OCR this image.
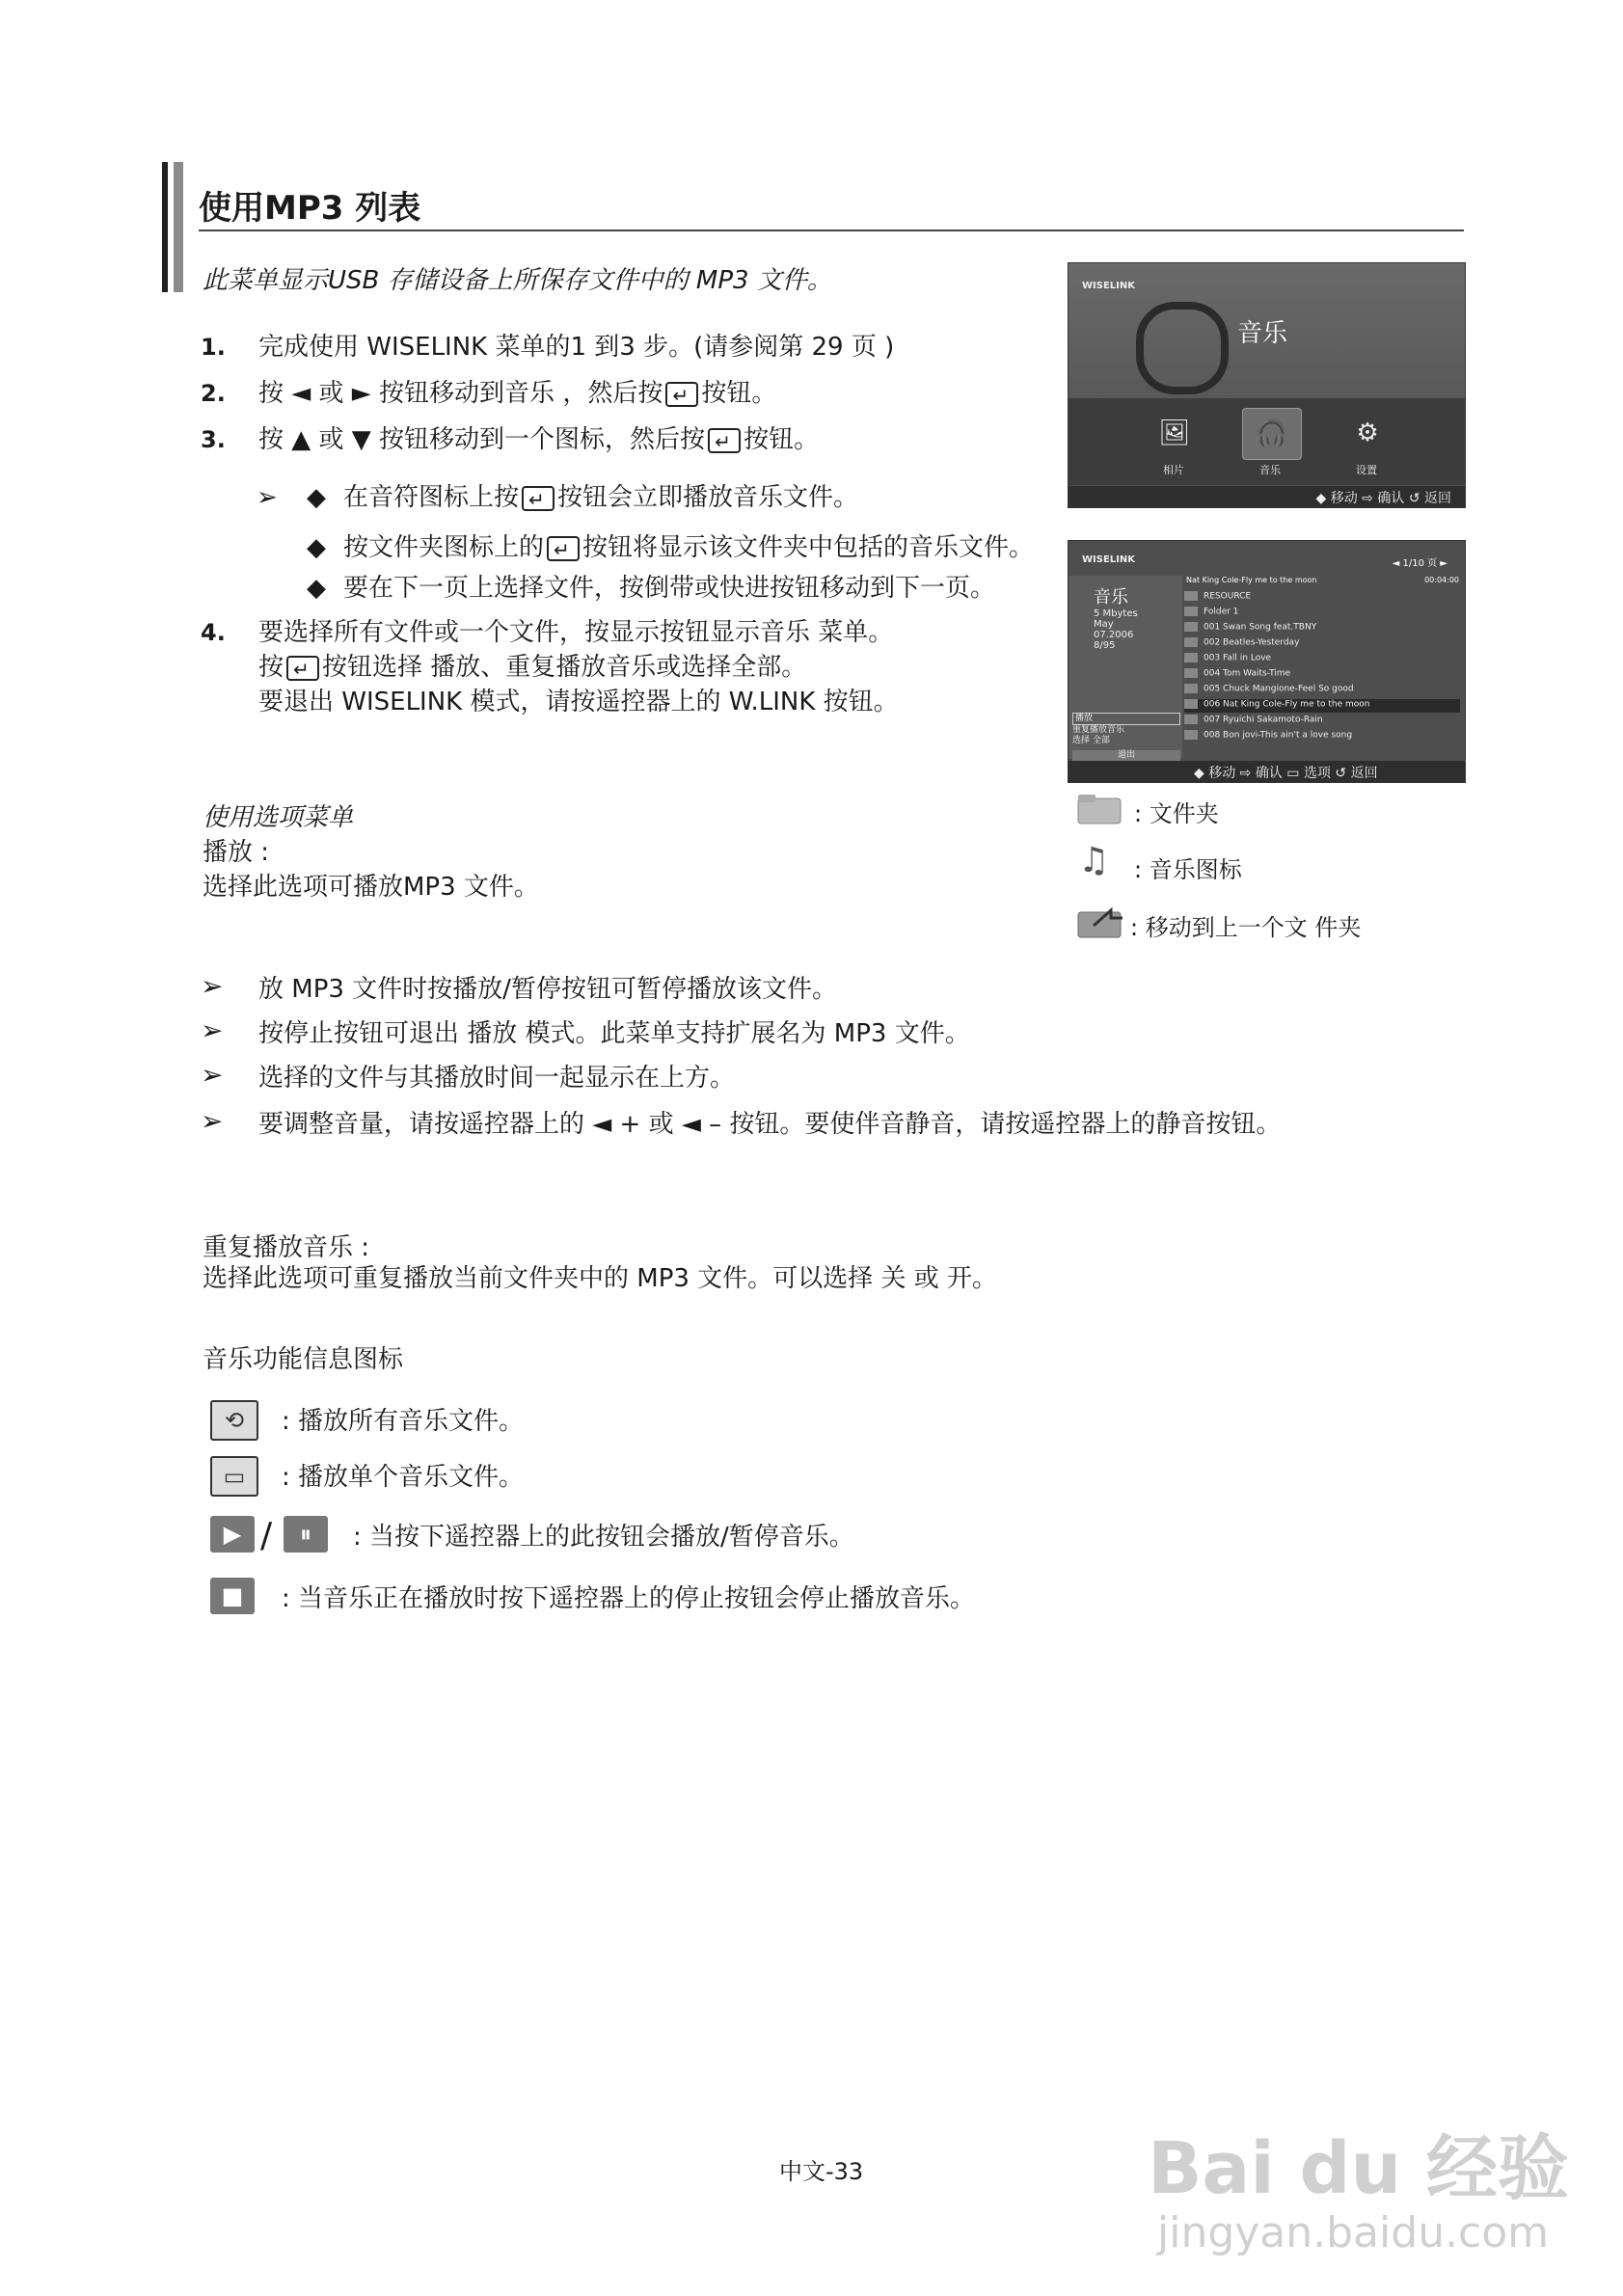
使用MP3 列表
此菜单显示USB 存储设备上所保存文件中的 MP3 文件。
1. 完成使用 WISELINK 菜单的1 到3 步。(请参阅第 29 页 )
2. 按 ◄ 或 ► 按钮移动到音乐 ，然后按 ↵ 按钮。
3. 按 ▲ 或 ▼ 按钮移动到一个图标，然后按 ↵ 按钮。
➢ ◆ 在音符图标上按 ↵ 按钮会立即播放音乐文件。
◆ 按文件夹图标上的 ↵ 按钮将显示该文件夹中包括的音乐文件。
◆ 要在下一页上选择文件，按倒带或快进按钮移动到下一页。
4. 要选择所有文件或一个文件，按显示按钮显示音乐 菜单。
按 ↵ 按钮选择 播放、重复播放音乐或选择全部。
要退出 WISELINK 模式，请按遥控器上的 W.LINK 按钮。
WISELINK
音乐
🖼	🎧	⚙
相片	音乐	设置
◆ 移动 ⇨ 确认 ↺ 返回
WISELINK	◄ 1/10 页 ►
音乐
5 Mbytes
May
07.2006
8/95
Nat King Cole-Fly me to the moon	00:04:00
RESOURCE
Folder 1
001 Swan Song feat.TBNY
002 Beatles-Yesterday
003 Fall in Love
004 Tom Waits-Time
005 Chuck Mangione-Feel So good
006 Nat King Cole-Fly me to the moon
007 Ryuichi Sakamoto-Rain
008 Bon jovi-This ain't a love song
播放
重复播放音乐
选择 全部
退出
◆ 移动 ⇨ 确认 ▭ 选项 ↺ 返回
: 文件夹
♫ : 音乐图标
: 移动到上一个文 件夹
使用选项菜单
播放 :
选择此选项可播放MP3 文件。
➢ 放 MP3 文件时按播放/暂停按钮可暂停播放该文件。
➢ 按停止按钮可退出 播放 模式。此菜单支持扩展名为 MP3 文件。
➢ 选择的文件与其播放时间一起显示在上方。
➢ 要调整音量，请按遥控器上的 ◄ + 或 ◄ – 按钮。要使伴音静音，请按遥控器上的静音按钮。
重复播放音乐 :
选择此选项可重复播放当前文件夹中的 MP3 文件。可以选择 关 或 开。
音乐功能信息图标
⟲	: 播放所有音乐文件。
▭	: 播放单个音乐文件。
▶ /	⏸	: 当按下遥控器上的此按钮会播放/暂停音乐。
■	: 当音乐正在播放时按下遥控器上的停止按钮会停止播放音乐。
中文-33	Bai du 经验
jingyan.baidu.com
